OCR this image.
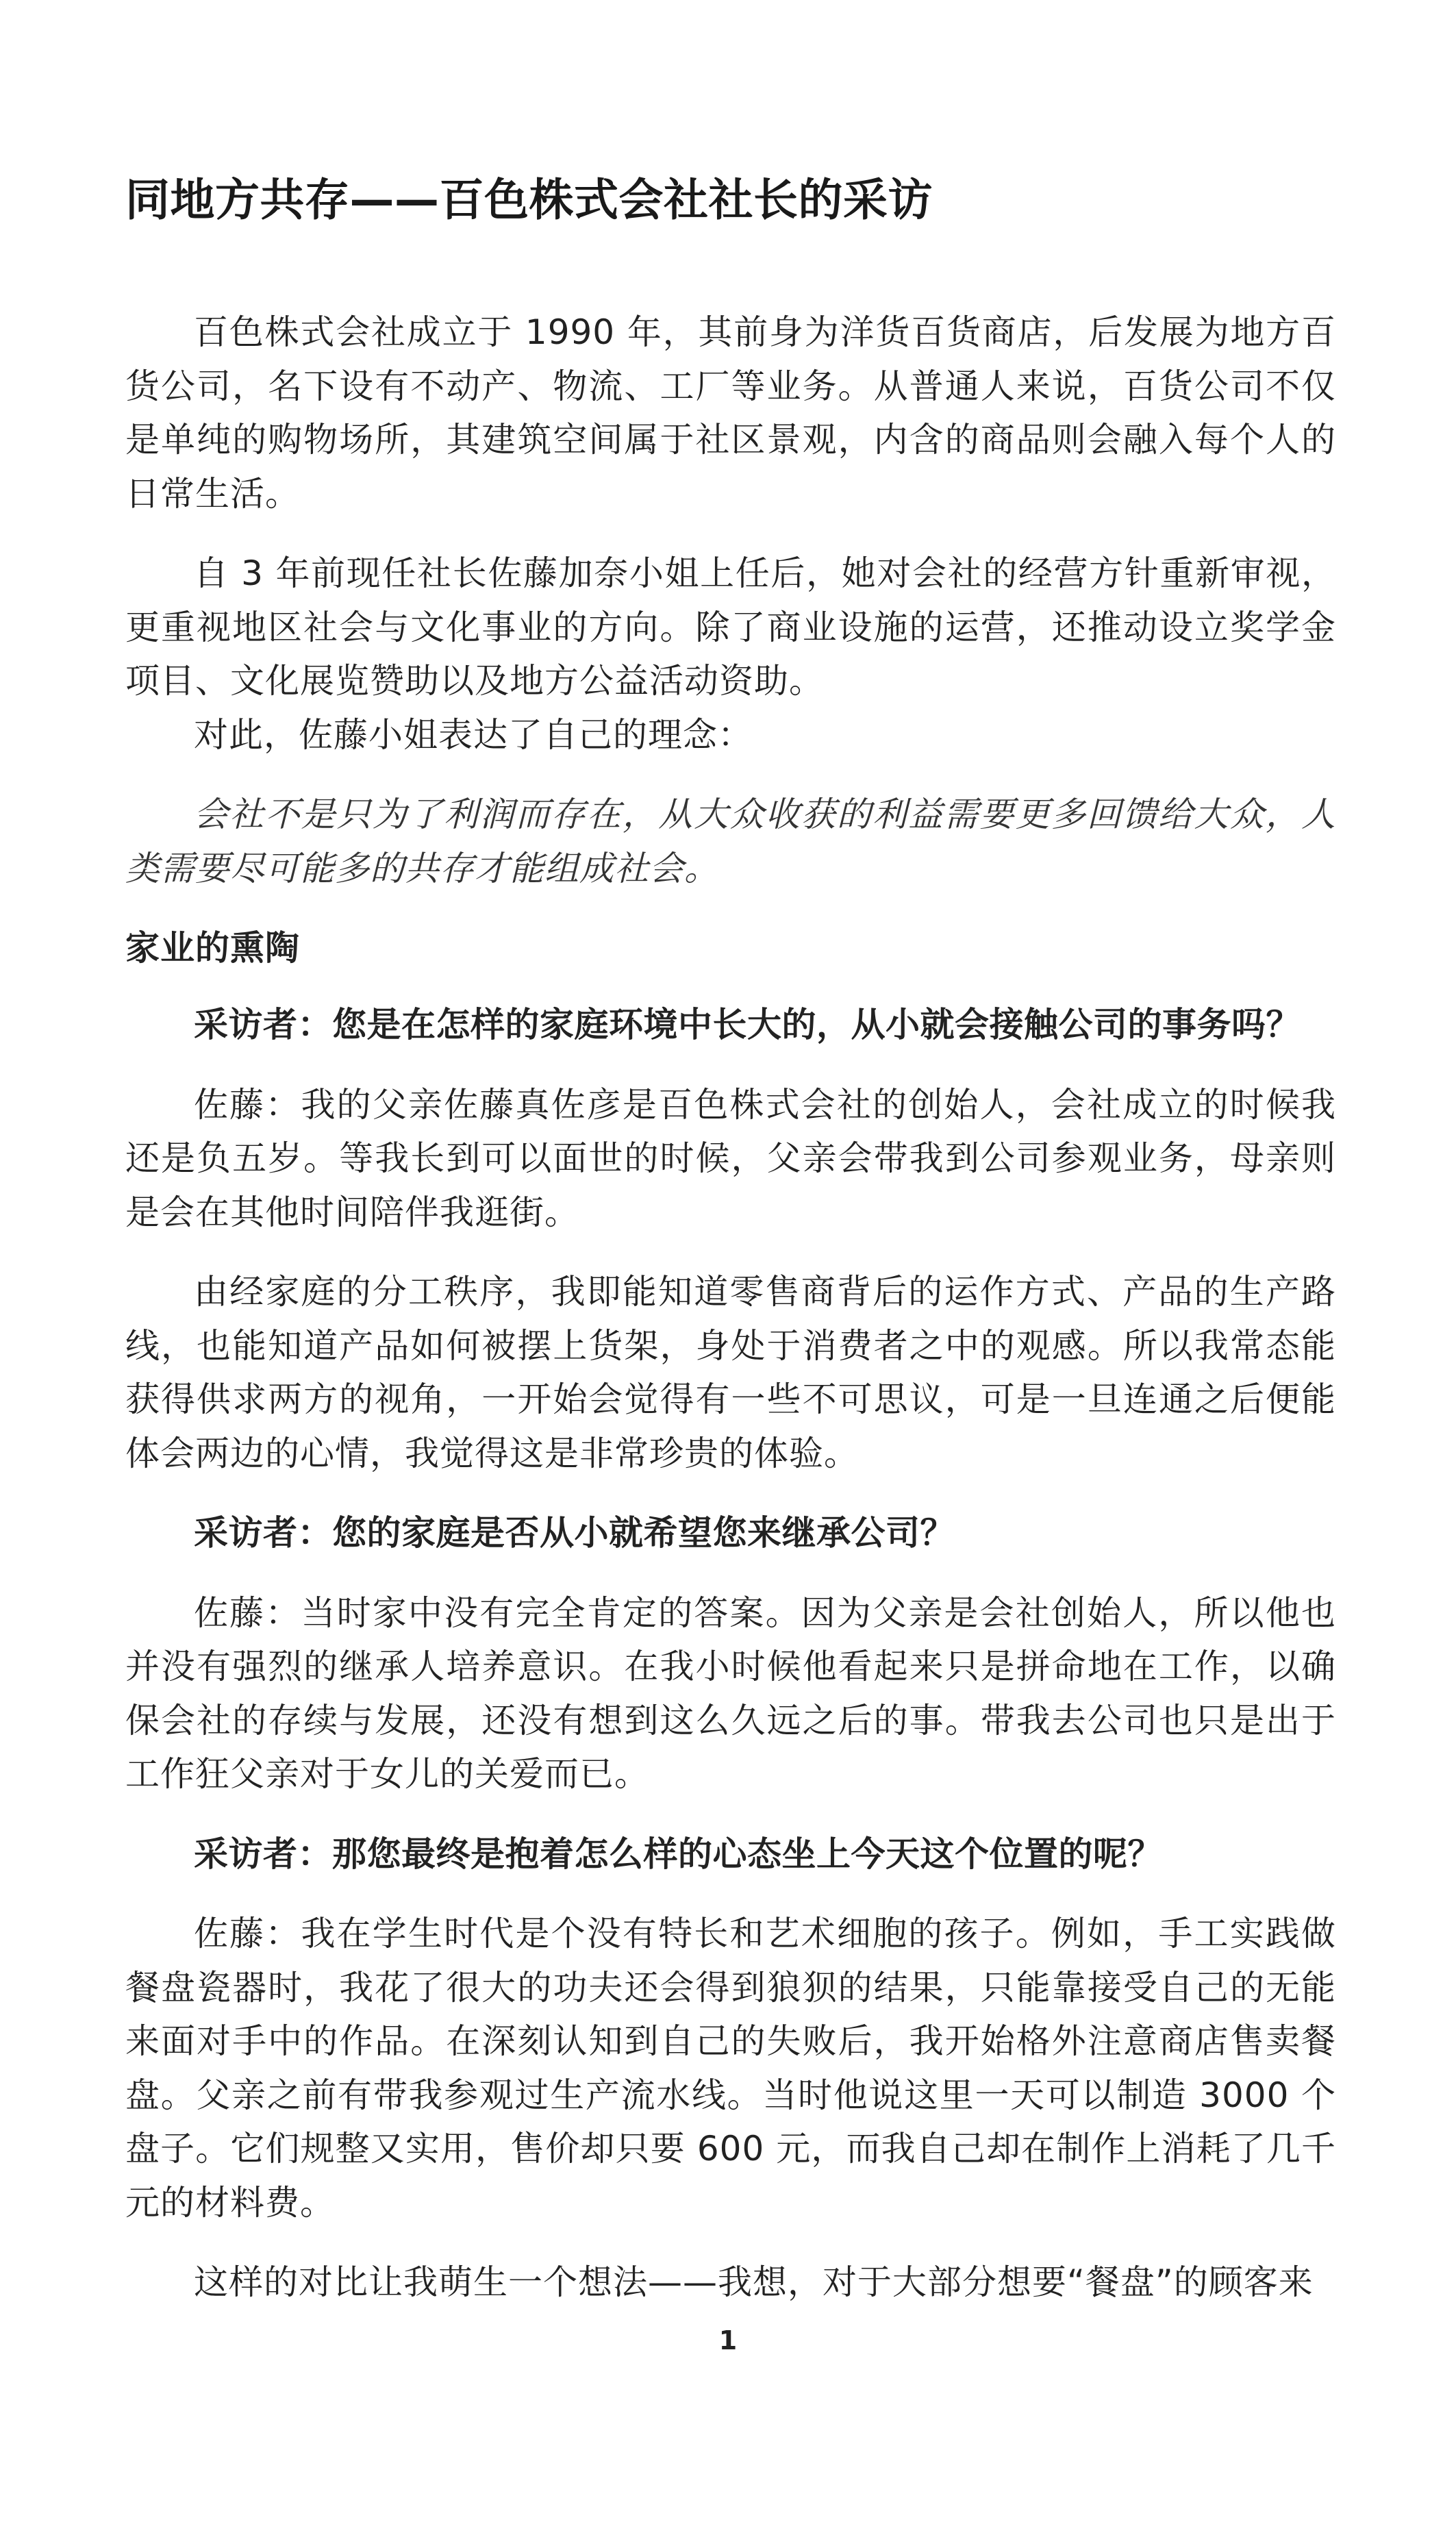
同地方共存——百色株式会社社长的采访

百色株式会社成立于 1990 年，其前身为洋货百货商店，后发展为地方百货公司，名下设有不动产、物流、工厂等业务。从普通人来说，百货公司不仅是单纯的购物场所，其建筑空间属于社区景观，内含的商品则会融入每个人的日常生活。

自 3 年前现任社长佐藤加奈小姐上任后，她对会社的经营方针重新审视，更重视地区社会与文化事业的方向。除了商业设施的运营，还推动设立奖学金项目、文化展览赞助以及地方公益活动资助。

对此，佐藤小姐表达了自己的理念：

会社不是只为了利润而存在，从大众收获的利益需要更多回馈给大众，人类需要尽可能多的共存才能组成社会。

家业的熏陶

采访者：您是在怎样的家庭环境中长大的，从小就会接触公司的事务吗？

佐藤：我的父亲佐藤真佐彦是百色株式会社的创始人，会社成立的时候我还是负五岁。等我长到可以面世的时候，父亲会带我到公司参观业务，母亲则是会在其他时间陪伴我逛街。

由经家庭的分工秩序，我即能知道零售商背后的运作方式、产品的生产路线，也能知道产品如何被摆上货架，身处于消费者之中的观感。所以我常态能获得供求两方的视角，一开始会觉得有一些不可思议，可是一旦连通之后便能体会两边的心情，我觉得这是非常珍贵的体验。

采访者：您的家庭是否从小就希望您来继承公司？

佐藤：当时家中没有完全肯定的答案。因为父亲是会社创始人，所以他也并没有强烈的继承人培养意识。在我小时候他看起来只是拼命地在工作，以确保会社的存续与发展，还没有想到这么久远之后的事。带我去公司也只是出于工作狂父亲对于女儿的关爱而已。

采访者：那您最终是抱着怎么样的心态坐上今天这个位置的呢？

佐藤：我在学生时代是个没有特长和艺术细胞的孩子。例如，手工实践做餐盘瓷器时，我花了很大的功夫还会得到狼狈的结果，只能靠接受自己的无能来面对手中的作品。在深刻认知到自己的失败后，我开始格外注意商店售卖餐盘。父亲之前有带我参观过生产流水线。当时他说这里一天可以制造 3000 个盘子。它们规整又实用，售价却只要 600 元，而我自己却在制作上消耗了几千元的材料费。

这样的对比让我萌生一个想法——我想，对于大部分想要“餐盘”的顾客来

1
